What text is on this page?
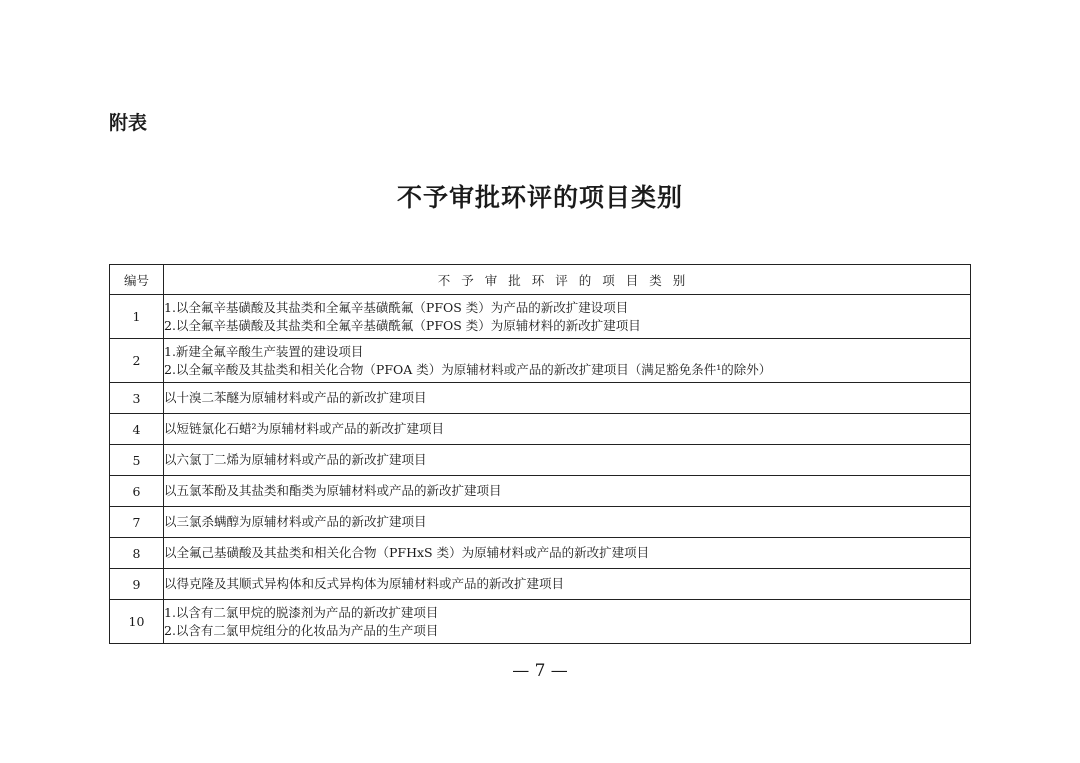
附表
不予审批环评的项目类别
编号	不予审批环评的项目类别
1	1.以全氟辛基磺酸及其盐类和全氟辛基磺酰氟（PFOS 类）为产品的新改扩建设项目
2.以全氟辛基磺酸及其盐类和全氟辛基磺酰氟（PFOS 类）为原辅材料的新改扩建项目

2	1.新建全氟辛酸生产装置的建设项目
2.以全氟辛酸及其盐类和相关化合物（PFOA 类）为原辅材料或产品的新改扩建项目（满足豁免条件¹的除外）

3	以十溴二苯醚为原辅材料或产品的新改扩建项目

4	以短链氯化石蜡²为原辅材料或产品的新改扩建项目

5	以六氯丁二烯为原辅材料或产品的新改扩建项目

6	以五氯苯酚及其盐类和酯类为原辅材料或产品的新改扩建项目

7	以三氯杀螨醇为原辅材料或产品的新改扩建项目

8	以全氟己基磺酸及其盐类和相关化合物（PFHxS 类）为原辅材料或产品的新改扩建项目

9	以得克隆及其顺式异构体和反式异构体为原辅材料或产品的新改扩建项目

10	1.以含有二氯甲烷的脱漆剂为产品的新改扩建项目
2.以含有二氯甲烷组分的化妆品为产品的生产项目
— 7 —
